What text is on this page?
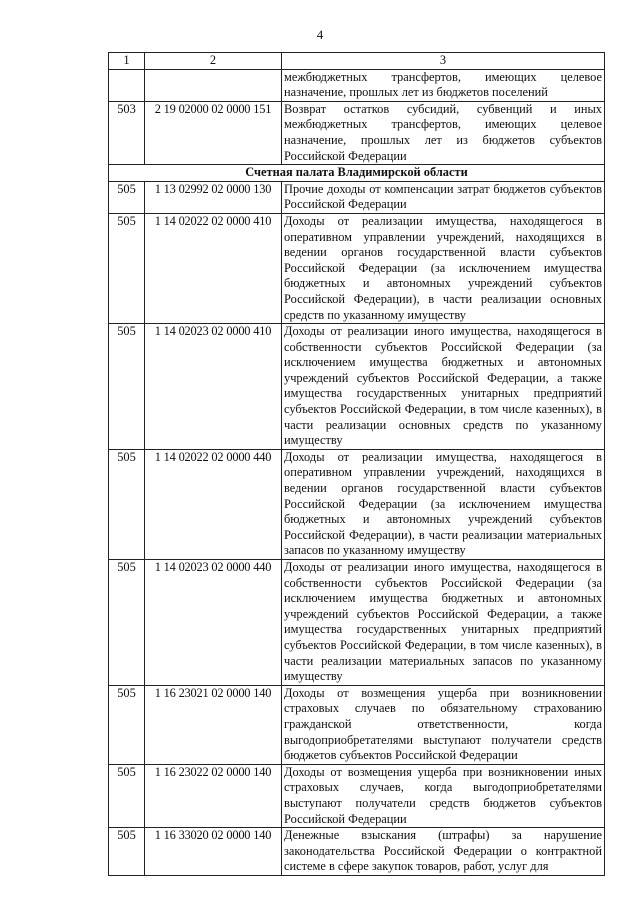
4
1	2	3
		межбюджетных трансфертов, имеющих целевое назначение, прошлых лет из бюджетов поселений
503	2 19 02000 02 0000 151	Возврат остатков субсидий, субвенций и иных межбюджетных трансфертов, имеющих целевое назначение, прошлых лет из бюджетов субъектов Российской Федерации
Счетная палата Владимирской области		
505	1 13 02992 02 0000 130	Прочие доходы от компенсации затрат бюджетов субъектов Российской Федерации
505	1 14 02022 02 0000 410	Доходы от реализации имущества, находящегося в оперативном управлении учреждений, находящихся в ведении органов государственной власти субъектов Российской Федерации (за исключением имущества бюджетных и автономных учреждений субъектов Российской Федерации), в части реализации основных средств по указанному имуществу
505	1 14 02023 02 0000 410	Доходы от реализации иного имущества, находящегося в собственности субъектов Российской Федерации (за исключением имущества бюджетных и автономных учреждений субъектов Российской Федерации, а также имущества государственных унитарных предприятий субъектов Российской Федерации, в том числе казенных), в части реализации основных средств по указанному имуществу
505	1 14 02022 02 0000 440	Доходы от реализации имущества, находящегося в оперативном управлении учреждений, находящихся в ведении органов государственной власти субъектов Российской Федерации (за исключением имущества бюджетных и автономных учреждений субъектов Российской Федерации), в части реализации материальных запасов по указанному имуществу
505	1 14 02023 02 0000 440	Доходы от реализации иного имущества, находящегося в собственности субъектов Российской Федерации (за исключением имущества бюджетных и автономных учреждений субъектов Российской Федерации, а также имущества государственных унитарных предприятий субъектов Российской Федерации, в том числе казенных), в части реализации материальных запасов по указанному имуществу
505	1 16 23021 02 0000 140	Доходы от возмещения ущерба при возникновении страховых случаев по обязательному страхованию гражданской ответственности, когда выгодоприобретателями выступают получатели средств бюджетов субъектов Российской Федерации
505	1 16 23022 02 0000 140	Доходы от возмещения ущерба при возникновении иных страховых случаев, когда выгодоприобретателями выступают получатели средств бюджетов субъектов Российской Федерации
505	1 16 33020 02 0000 140	Денежные взыскания (штрафы) за нарушение законодательства Российской Федерации о контрактной системе в сфере закупок товаров, работ, услуг для
